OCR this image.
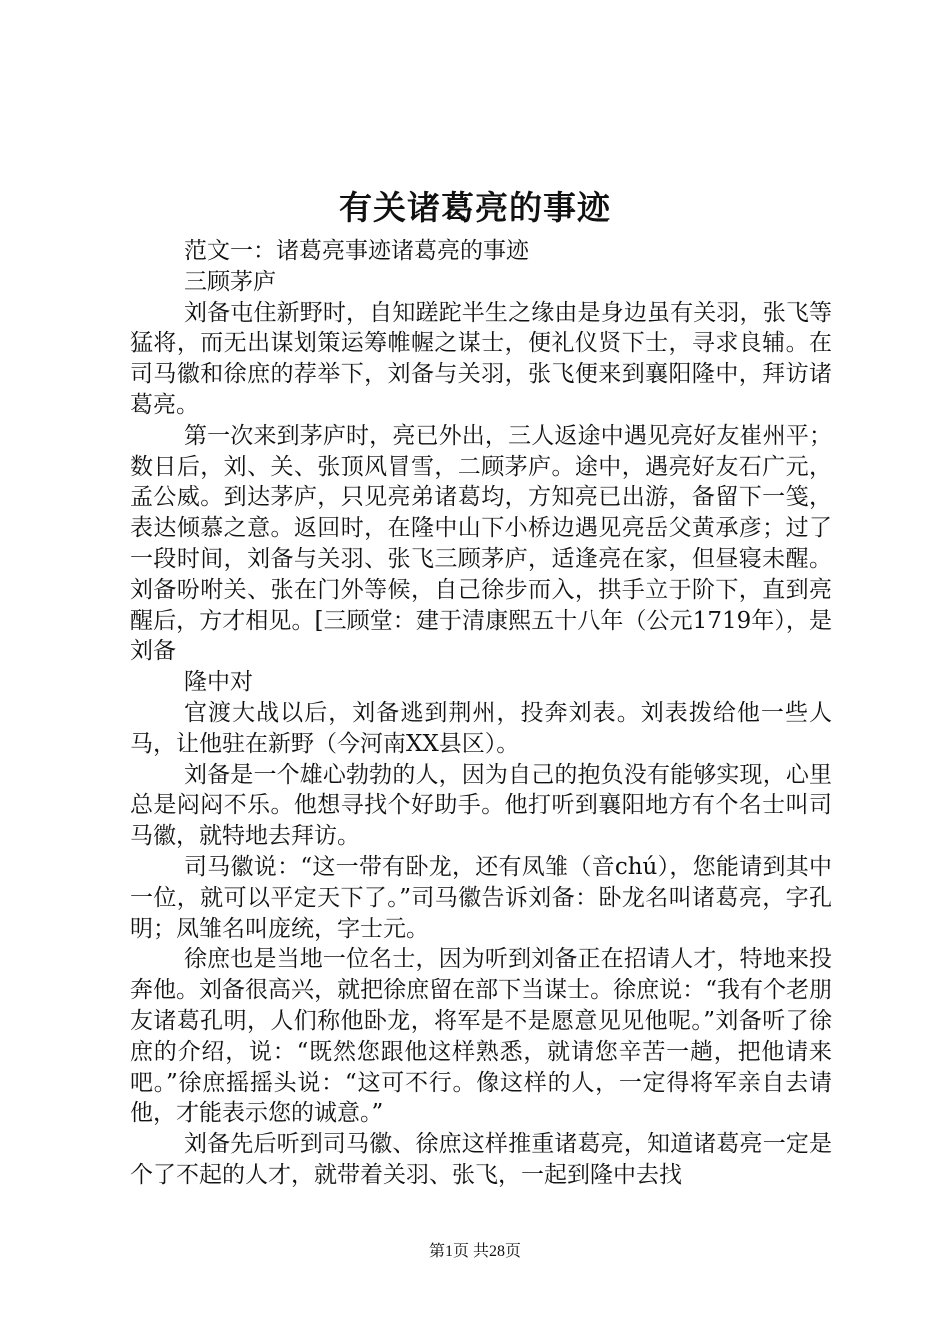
有关诸葛亮的事迹

范文一：诸葛亮事迹诸葛亮的事迹

三顾茅庐

刘备屯住新野时，自知蹉跎半生之缘由是身边虽有关羽，张飞等猛将，而无出谋划策运筹帷幄之谋士，便礼仪贤下士，寻求良辅。在司马徽和徐庶的荐举下，刘备与关羽，张飞便来到襄阳隆中，拜访诸葛亮。

第一次来到茅庐时，亮已外出，三人返途中遇见亮好友崔州平；数日后，刘、关、张顶风冒雪，二顾茅庐。途中，遇亮好友石广元，孟公威。到达茅庐，只见亮弟诸葛均，方知亮已出游，备留下一笺，表达倾慕之意。返回时，在隆中山下小桥边遇见亮岳父黄承彦；过了一段时间，刘备与关羽、张飞三顾茅庐，适逢亮在家，但昼寝未醒。刘备吩咐关、张在门外等候，自己徐步而入，拱手立于阶下，直到亮醒后，方才相见。[三顾堂：建于清康熙五十八年（公元1719年），是刘备

隆中对

官渡大战以后，刘备逃到荆州，投奔刘表。刘表拨给他一些人马，让他驻在新野（今河南XX县区）。

刘备是一个雄心勃勃的人，因为自己的抱负没有能够实现，心里总是闷闷不乐。他想寻找个好助手。他打听到襄阳地方有个名士叫司马徽，就特地去拜访。

司马徽说：“这一带有卧龙，还有凤雏（音chú），您能请到其中一位，就可以平定天下了。”司马徽告诉刘备：卧龙名叫诸葛亮，字孔明；凤雏名叫庞统，字士元。

徐庶也是当地一位名士，因为听到刘备正在招请人才，特地来投奔他。刘备很高兴，就把徐庶留在部下当谋士。徐庶说：“我有个老朋友诸葛孔明，人们称他卧龙，将军是不是愿意见见他呢。”刘备听了徐庶的介绍，说：“既然您跟他这样熟悉，就请您辛苦一趟，把他请来吧。”徐庶摇摇头说：“这可不行。像这样的人，一定得将军亲自去请他，才能表示您的诚意。”

刘备先后听到司马徽、徐庶这样推重诸葛亮，知道诸葛亮一定是个了不起的人才，就带着关羽、张飞，一起到隆中去找

第1页 共28页
